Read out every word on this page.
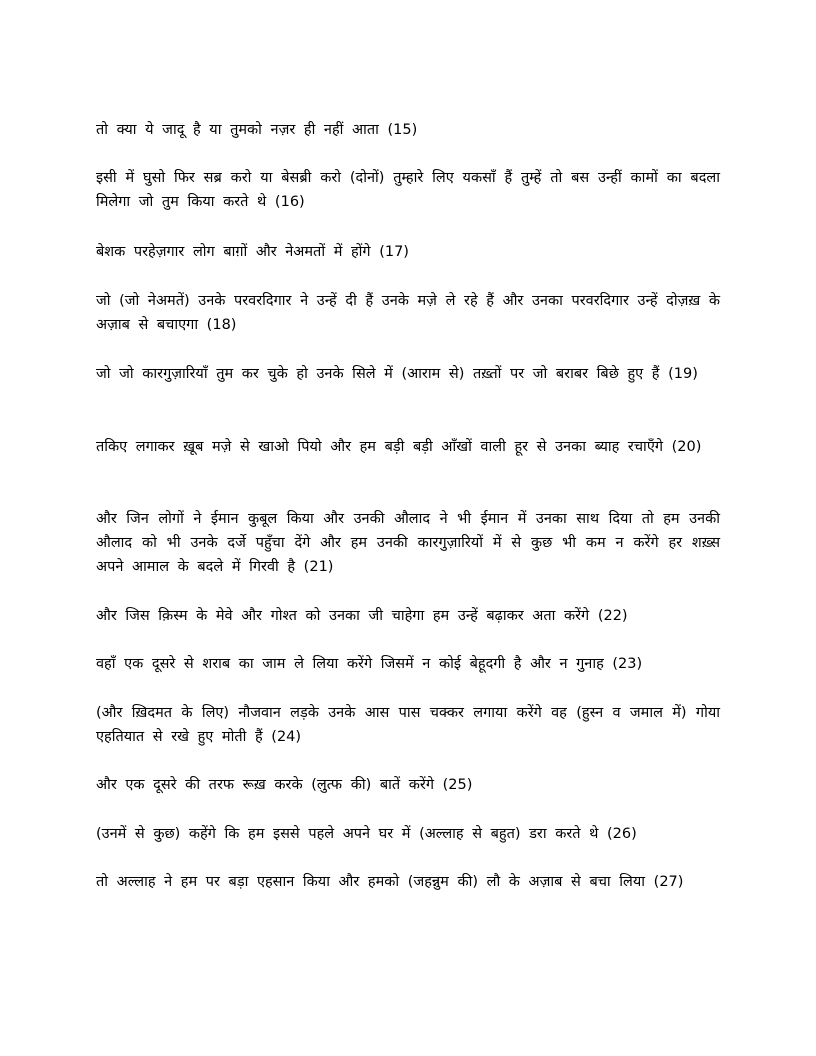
तो क्या ये जादू है या तुमको नज़र ही नहीं आता (15)

इसी में घुसो फिर सब्र करो या बेसब्री करो (दोनों) तुम्हारे लिए यकसाँ हैं तुम्हें तो बस उन्हीं कामों का बदला मिलेगा जो तुम किया करते थे (16)

बेशक परहेज़गार लोग बाग़ों और नेअमतों में होंगे (17)

जो (जो नेअमतें) उनके परवरदिगार ने उन्हें दी हैं उनके मज़े ले रहे हैं और उनका परवरदिगार उन्हें दोज़ख़ के अज़ाब से बचाएगा (18)

जो जो कारगुज़ारियाँ तुम कर चुके हो उनके सिले में (आराम से) तख़्तों पर जो बराबर बिछे हुए हैं (19)

तकिए लगाकर ख़ूब मज़े से खाओ पियो और हम बड़ी बड़ी आँखों वाली हूर से उनका ब्याह रचाएँगे (20)

और जिन लोगों ने ईमान कुबूल किया और उनकी औलाद ने भी ईमान में उनका साथ दिया तो हम उनकी औलाद को भी उनके दर्जे पहुँचा देंगे और हम उनकी कारगुज़ारियों में से कुछ भी कम न करेंगे हर शख़्स अपने आमाल के बदले में गिरवी है (21)

और जिस क़िस्म के मेवे और गोश्त को उनका जी चाहेगा हम उन्हें बढ़ाकर अता करेंगे (22)

वहाँ एक दूसरे से शराब का जाम ले लिया करेंगे जिसमें न कोई बेहूदगी है और न गुनाह (23)

(और ख़िदमत के लिए) नौजवान लड़के उनके आस पास चक्कर लगाया करेंगे वह (हुस्न व जमाल में) गोया एहतियात से रखे हुए मोती हैं (24)

और एक दूसरे की तरफ रूख़ करके (लुत्फ की) बातें करेंगे (25)

(उनमें से कुछ) कहेंगे कि हम इससे पहले अपने घर में (अल्लाह से बहुत) डरा करते थे (26)

तो अल्लाह ने हम पर बड़ा एहसान किया और हमको (जहन्नुम की) लौ के अज़ाब से बचा लिया (27)
